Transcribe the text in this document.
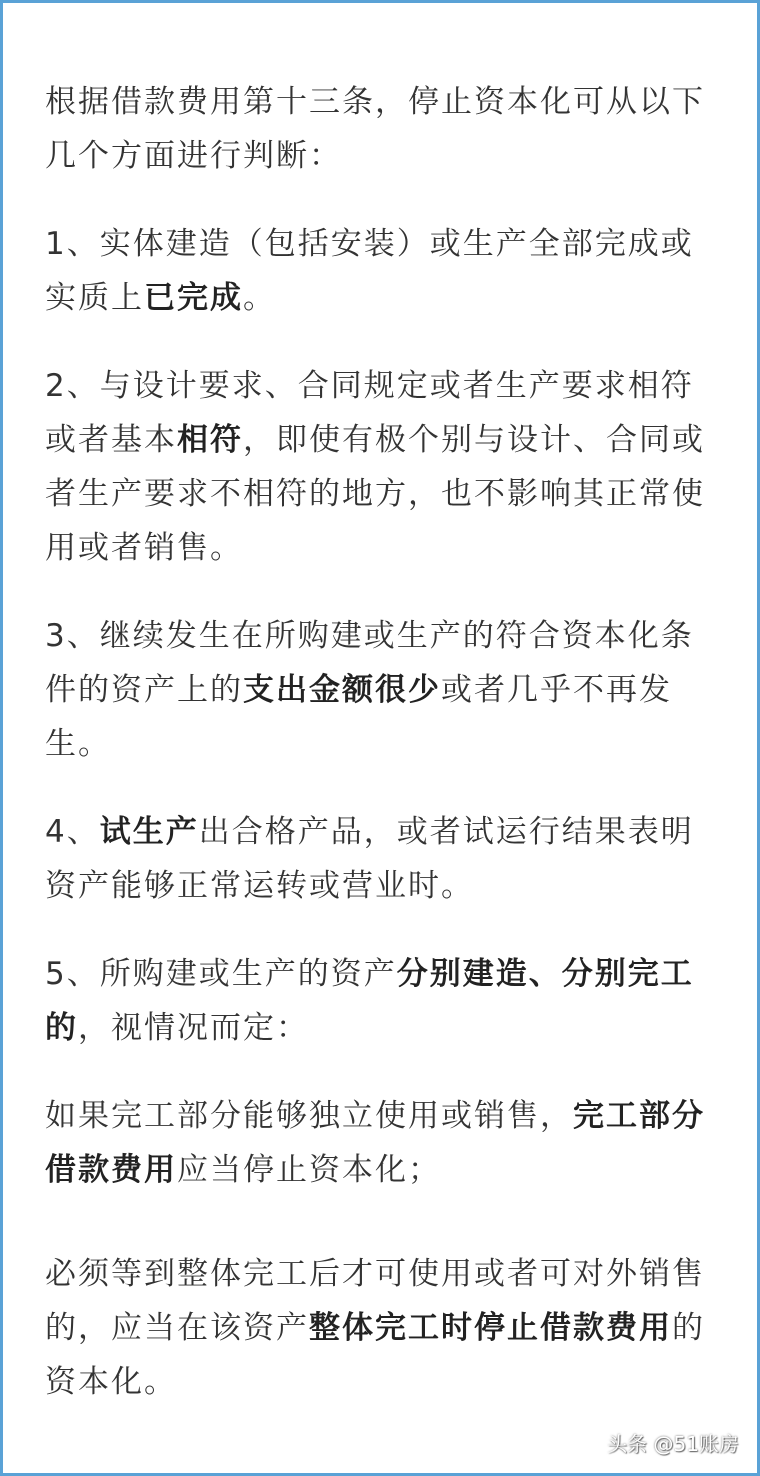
根据借款费用第十三条，停止资本化可从以下几个方面进行判断：

1、实体建造（包括安装）或生产全部完成或实质上已完成。

2、与设计要求、合同规定或者生产要求相符或者基本相符，即使有极个别与设计、合同或者生产要求不相符的地方，也不影响其正常使用或者销售。

3、继续发生在所购建或生产的符合资本化条件的资产上的支出金额很少或者几乎不再发生。

4、试生产出合格产品，或者试运行结果表明资产能够正常运转或营业时。

5、所购建或生产的资产分别建造、分别完工的，视情况而定：

如果完工部分能够独立使用或销售，完工部分借款费用应当停止资本化；

必须等到整体完工后才可使用或者可对外销售的，应当在该资产整体完工时停止借款费用的资本化。

头条 @51账房
